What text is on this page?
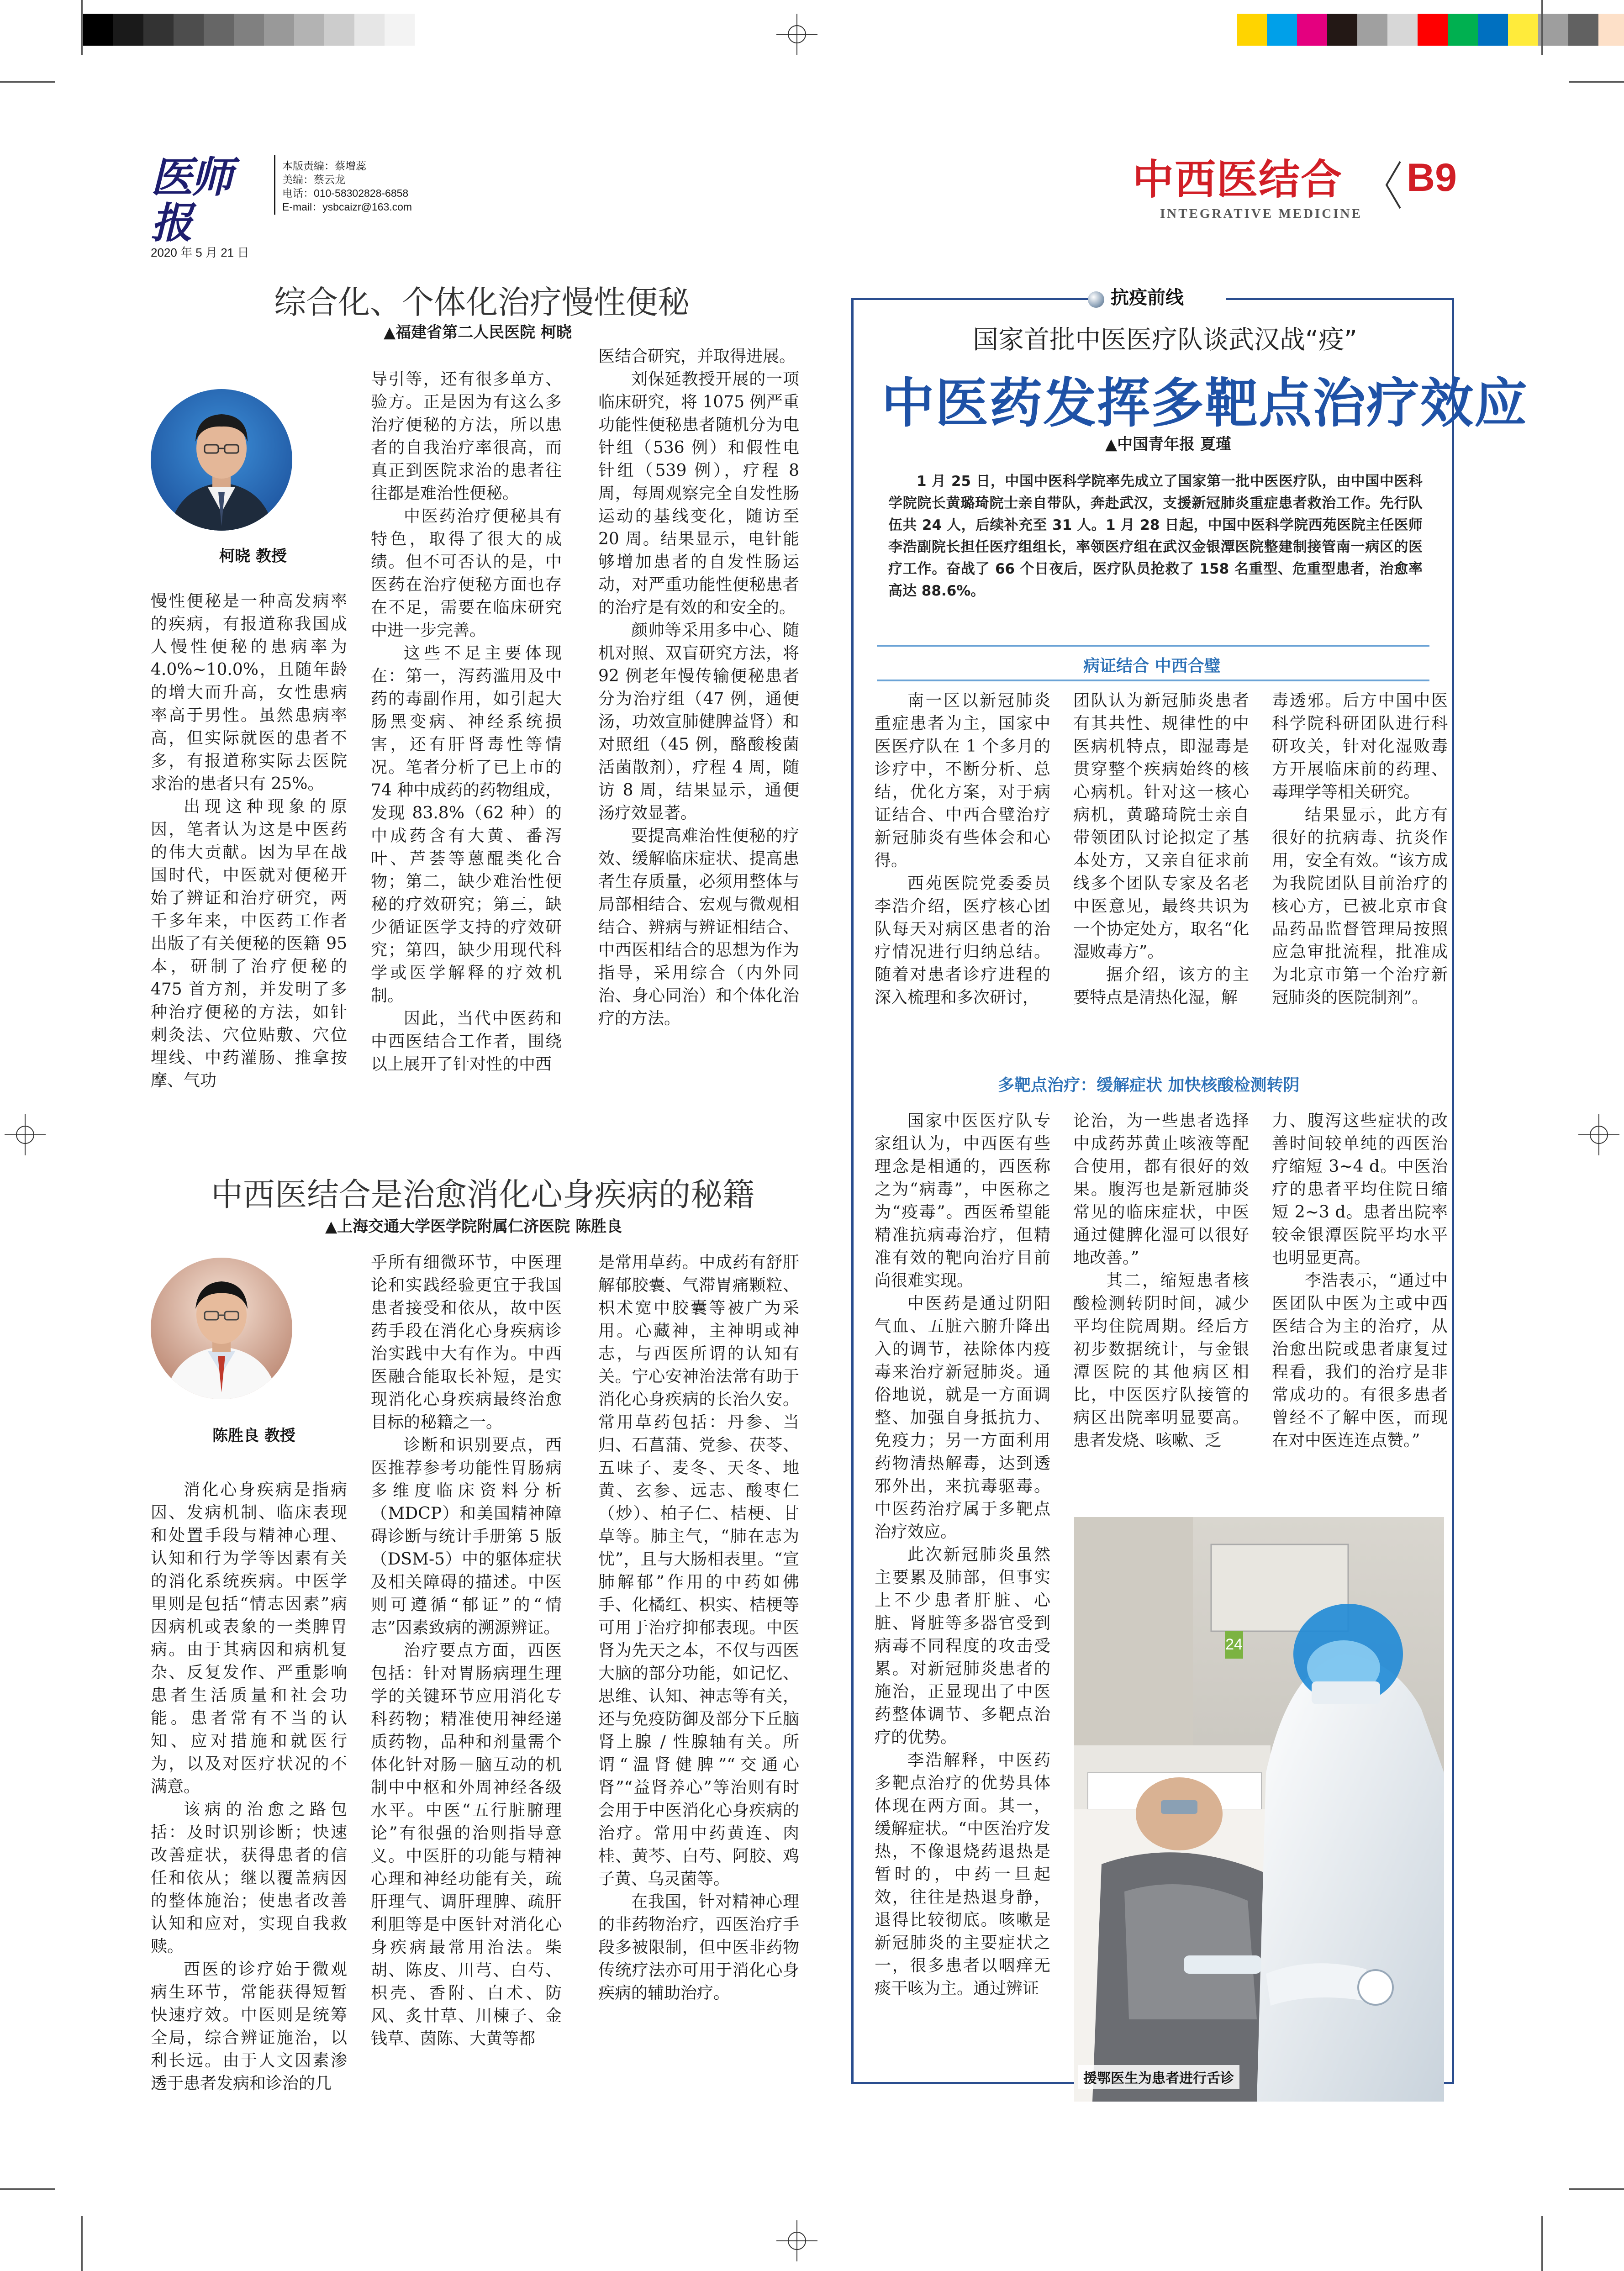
医师报
2020 年 5 月 21 日
本版责编：蔡增蕊
美编：蔡云龙
电话：010-58302828-6858
E-mail：ysbcaizr@163.com
中西医结合
INTEGRATIVE MEDICINE
B9
综合化、个体化治疗慢性便秘
▲福建省第二人民医院 柯晓
柯晓 教授

慢性便秘是一种高发病率的疾病，有报道称我国成人慢性便秘的患病率为 4.0%~10.0%，且随年龄的增大而升高，女性患病率高于男性。虽然患病率高，但实际就医的患者不多，有报道称实际去医院求治的患者只有 25%。

出现这种现象的原因，笔者认为这是中医药的伟大贡献。因为早在战国时代，中医就对便秘开始了辨证和治疗研究，两千多年来，中医药工作者出版了有关便秘的医籍 95 本，研制了治疗便秘的 475 首方剂，并发明了多种治疗便秘的方法，如针刺灸法、穴位贴敷、穴位埋线、中药灌肠、推拿按摩、气功

导引等，还有很多单方、验方。正是因为有这么多治疗便秘的方法，所以患者的自我治疗率很高，而真正到医院求治的患者往往都是难治性便秘。

中医药治疗便秘具有特色，取得了很大的成绩。但不可否认的是，中医药在治疗便秘方面也存在不足，需要在临床研究中进一步完善。

这些不足主要体现在：第一，泻药滥用及中药的毒副作用，如引起大肠黑变病、神经系统损害，还有肝肾毒性等情况。笔者分析了已上市的 74 种中成药的药物组成，发现 83.8%（62 种）的中成药含有大黄、番泻叶、芦荟等蒽醌类化合物；第二，缺少难治性便秘的疗效研究；第三，缺少循证医学支持的疗效研究；第四，缺少用现代科学或医学解释的疗效机制。

因此，当代中医药和中西医结合工作者，围绕以上展开了针对性的中西

医结合研究，并取得进展。

刘保延教授开展的一项临床研究，将 1075 例严重功能性便秘患者随机分为电针组（536 例）和假性电针组（539 例），疗程 8 周，每周观察完全自发性肠运动的基线变化，随访至 20 周。结果显示，电针能够增加患者的自发性肠运动，对严重功能性便秘患者的治疗是有效的和安全的。

颜帅等采用多中心、随机对照、双盲研究方法，将 92 例老年慢传输便秘患者分为治疗组（47 例，通便汤，功效宣肺健脾益肾）和对照组（45 例，酪酸梭菌活菌散剂），疗程 4 周，随访 8 周，结果显示，通便汤疗效显著。

要提高难治性便秘的疗效、缓解临床症状、提高患者生存质量，必须用整体与局部相结合、宏观与微观相结合、辨病与辨证相结合、中西医相结合的思想为作为指导，采用综合（内外同治、身心同治）和个体化治疗的方法。

中西医结合是治愈消化心身疾病的秘籍
▲上海交通大学医学院附属仁济医院 陈胜良
陈胜良 教授

消化心身疾病是指病因、发病机制、临床表现和处置手段与精神心理、认知和行为学等因素有关的消化系统疾病。中医学里则是包括“情志因素”病因病机或表象的一类脾胃病。由于其病因和病机复杂、反复发作、严重影响患者生活质量和社会功能。患者常有不当的认知、应对措施和就医行为，以及对医疗状况的不满意。

该病的治愈之路包括：及时识别诊断；快速改善症状，获得患者的信任和依从；继以覆盖病因的整体施治；使患者改善认知和应对，实现自我救赎。

西医的诊疗始于微观病生环节，常能获得短暂快速疗效。中医则是统筹全局，综合辨证施治，以利长远。由于人文因素渗透于患者发病和诊治的几

乎所有细微环节，中医理论和实践经验更宜于我国患者接受和依从，故中医药手段在消化心身疾病诊治实践中大有作为。中西医融合能取长补短，是实现消化心身疾病最终治愈目标的秘籍之一。

诊断和识别要点，西医推荐参考功能性胃肠病多维度临床资料分析（MDCP）和美国精神障碍诊断与统计手册第 5 版（DSM-5）中的躯体症状及相关障碍的描述。中医则可遵循“郁证”的“情志”因素致病的溯源辨证。

治疗要点方面，西医包括：针对胃肠病理生理学的关键环节应用消化专科药物；精准使用神经递质药物，品种和剂量需个体化针对肠－脑互动的机制中中枢和外周神经各级水平。中医“五行脏腑理论”有很强的治则指导意义。中医肝的功能与精神心理和神经功能有关，疏肝理气、调肝理脾、疏肝利胆等是中医针对消化心身疾病最常用治法。柴胡、陈皮、川芎、白芍、枳壳、香附、白术、防风、炙甘草、川楝子、金钱草、茵陈、大黄等都

是常用草药。中成药有舒肝解郁胶囊、气滞胃痛颗粒、枳术宽中胶囊等被广为采用。心藏神，主神明或神志，与西医所谓的认知有关。宁心安神治法常有助于消化心身疾病的长治久安。常用草药包括：丹参、当归、石菖蒲、党参、茯苓、五味子、麦冬、天冬、地黄、玄参、远志、酸枣仁（炒）、柏子仁、桔梗、甘草等。肺主气，“肺在志为忧”，且与大肠相表里。“宣肺解郁”作用的中药如佛手、化橘红、枳实、桔梗等可用于治疗抑郁表现。中医肾为先天之本，不仅与西医大脑的部分功能，如记忆、思维、认知、神志等有关，还与免疫防御及部分下丘脑肾上腺 / 性腺轴有关。所谓“温肾健脾”“交通心肾”“益肾养心”等治则有时会用于中医消化心身疾病的治疗。常用中药黄连、肉桂、黄芩、白芍、阿胶、鸡子黄、乌灵菌等。

在我国，针对精神心理的非药物治疗，西医治疗手段多被限制，但中医非药物传统疗法亦可用于消化心身疾病的辅助治疗。

抗疫前线
国家首批中医医疗队谈武汉战“疫”
中医药发挥多靶点治疗效应
▲中国青年报 夏瑾

1 月 25 日，中国中医科学院率先成立了国家第一批中医医疗队，由中国中医科学院院长黄璐琦院士亲自带队，奔赴武汉，支援新冠肺炎重症患者救治工作。先行队伍共 24 人，后续补充至 31 人。1 月 28 日起，中国中医科学院西苑医院主任医师李浩副院长担任医疗组组长，率领医疗组在武汉金银潭医院整建制接管南一病区的医疗工作。奋战了 66 个日夜后，医疗队员抢救了 158 名重型、危重型患者，治愈率高达 88.6%。

病证结合 中西合璧

南一区以新冠肺炎重症患者为主，国家中医医疗队在 1 个多月的诊疗中，不断分析、总结，优化方案，对于病证结合、中西合璧治疗新冠肺炎有些体会和心得。

西苑医院党委委员李浩介绍，医疗核心团队每天对病区患者的治疗情况进行归纳总结。随着对患者诊疗进程的深入梳理和多次研讨，

团队认为新冠肺炎患者有其共性、规律性的中医病机特点，即湿毒是贯穿整个疾病始终的核心病机。针对这一核心病机，黄璐琦院士亲自带领团队讨论拟定了基本处方，又亲自征求前线多个团队专家及名老中医意见，最终共识为一个协定处方，取名“化湿败毒方”。

据介绍，该方的主要特点是清热化湿，解

毒透邪。后方中国中医科学院科研团队进行科研攻关，针对化湿败毒方开展临床前的药理、毒理学等相关研究。

结果显示，此方有很好的抗病毒、抗炎作用，安全有效。“该方成为我院团队目前治疗的核心方，已被北京市食品药品监督管理局按照应急审批流程，批准成为北京市第一个治疗新冠肺炎的医院制剂”。

多靶点治疗：缓解症状 加快核酸检测转阴

国家中医医疗队专家组认为，中西医有些理念是相通的，西医称之为“病毒”，中医称之为“疫毒”。西医希望能精准抗病毒治疗，但精准有效的靶向治疗目前尚很难实现。

中医药是通过阴阳气血、五脏六腑升降出入的调节，祛除体内疫毒来治疗新冠肺炎。通俗地说，就是一方面调整、加强自身抵抗力、免疫力；另一方面利用药物清热解毒，达到透邪外出，来抗毒驱毒。中医药治疗属于多靶点治疗效应。

此次新冠肺炎虽然主要累及肺部，但事实上不少患者肝脏、心脏、肾脏等多器官受到病毒不同程度的攻击受累。对新冠肺炎患者的施治，正显现出了中医药整体调节、多靶点治疗的优势。

李浩解释，中医药多靶点治疗的优势具体体现在两方面。其一，缓解症状。“中医治疗发热，不像退烧药退热是暂时的，中药一旦起效，往往是热退身静，退得比较彻底。咳嗽是新冠肺炎的主要症状之一，很多患者以咽痒无痰干咳为主。通过辨证

论治，为一些患者选择中成药苏黄止咳液等配合使用，都有很好的效果。腹泻也是新冠肺炎常见的临床症状，中医通过健脾化湿可以很好地改善。”

其二，缩短患者核酸检测转阴时间，减少平均住院周期。经后方初步数据统计，与金银潭医院的其他病区相比，中医医疗队接管的病区出院率明显要高。患者发烧、咳嗽、乏

力、腹泻这些症状的改善时间较单纯的西医治疗缩短 3~4 d。中医治疗的患者平均住院日缩短 2~3 d。患者出院率较金银潭医院平均水平也明显更高。

李浩表示，“通过中医团队中医为主或中西医结合为主的治疗，从治愈出院或患者康复过程看，我们的治疗是非常成功的。有很多患者曾经不了解中医，而现在对中医连连点赞。”

24
援鄂医生为患者进行舌诊
